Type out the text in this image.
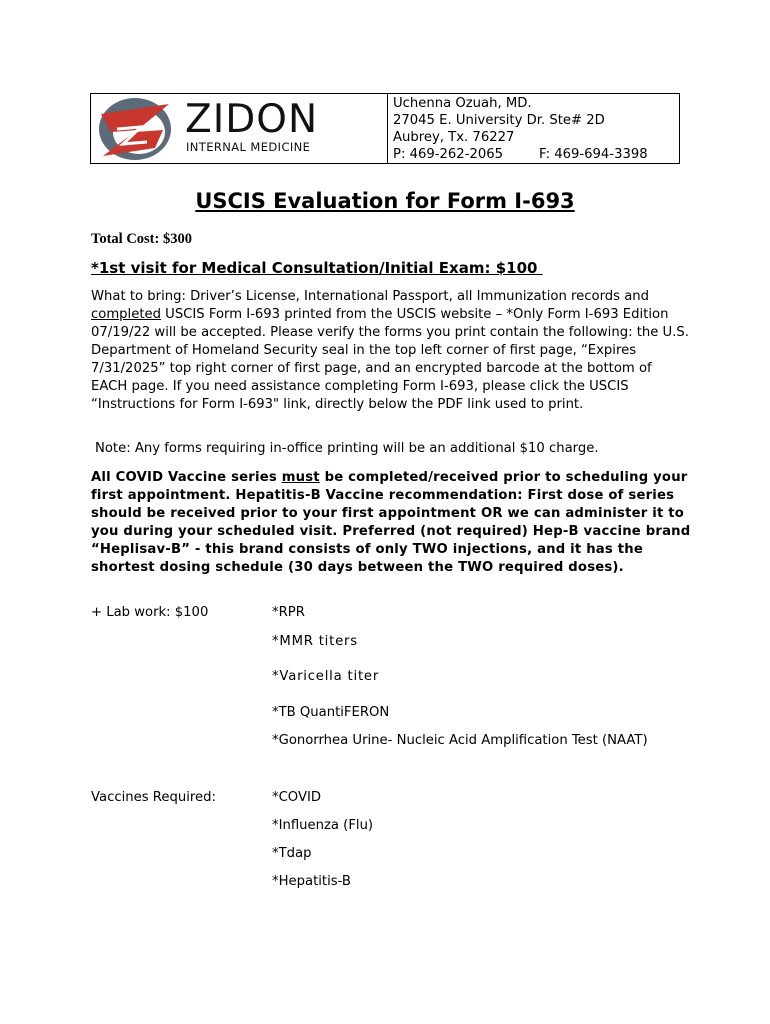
ZIDON
INTERNAL MEDICINE
Uchenna Ozuah, MD.
27045 E. University Dr. Ste# 2D
Aubrey, Tx. 76227
P: 469-262-2065	F: 469-694-3398
USCIS Evaluation for Form I-693
Total Cost: $300
*1st visit for Medical Consultation/Initial Exam: $100
What to bring: Driver’s License, International Passport, all Immunization records and completed USCIS Form I-693 printed from the USCIS website – *Only Form I-693 Edition 07/19/22 will be accepted. Please verify the forms you print contain the following: the U.S. Department of Homeland Security seal in the top left corner of first page, “Expires 7/31/2025” top right corner of first page, and an encrypted barcode at the bottom of EACH page. If you need assistance completing Form I-693, please click the USCIS “Instructions for Form I-693" link, directly below the PDF link used to print.
Note: Any forms requiring in-office printing will be an additional $10 charge.
All COVID Vaccine series must be completed/received prior to scheduling your first appointment. Hepatitis-B Vaccine recommendation: First dose of series should be received prior to your first appointment OR we can administer it to you during your scheduled visit. Preferred (not required) Hep-B vaccine brand “Heplisav-B” - this brand consists of only TWO injections, and it has the shortest dosing schedule (30 days between the TWO required doses).
+ Lab work: $100	*RPR
*MMR titers
*Varicella titer
*TB QuantiFERON
*Gonorrhea Urine- Nucleic Acid Amplification Test (NAAT)
Vaccines Required:	*COVID
*Influenza (Flu)
*Tdap
*Hepatitis-B
